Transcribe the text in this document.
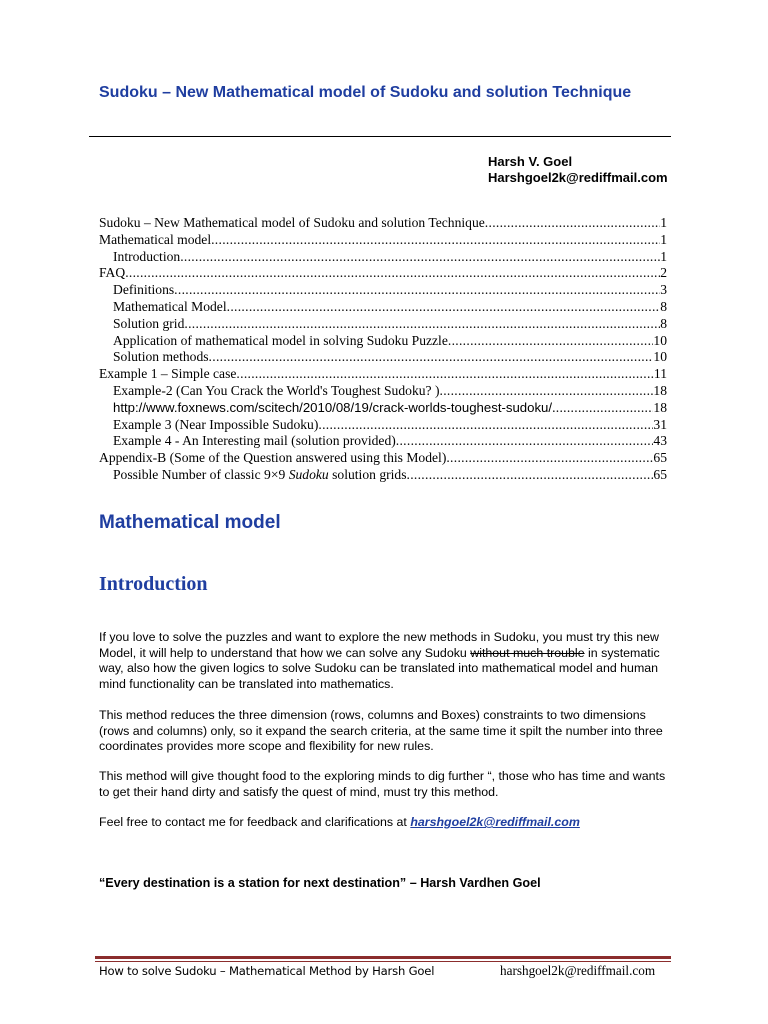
Sudoku – New Mathematical model of Sudoku and solution Technique
Harsh V. Goel
Harshgoel2k@rediffmail.com
Sudoku – New Mathematical model of Sudoku and solution Technique .....	1
Mathematical model .....	1
Introduction .....	1
FAQ .....	2
Definitions .....	3
Mathematical Model .....	8
Solution grid .....	8
Application of mathematical model in solving Sudoku Puzzle .....	10
Solution methods .....	10
Example 1 – Simple case .....	11
Example-2 (Can You Crack the World's Toughest Sudoku? ) .....	18
http://www.foxnews.com/scitech/2010/08/19/crack-worlds-toughest-sudoku/ .....	18
Example 3 (Near Impossible Sudoku) .....	31
Example 4 - An Interesting mail (solution provided) .....	43
Appendix-B (Some of the Question answered using this Model) .....	65
Possible Number of classic 9×9 Sudoku solution grids .....	65
Mathematical model
Introduction
If you love to solve the puzzles and want to explore the new methods in Sudoku, you must try this new Model, it will help to understand that how we can solve any Sudoku without much trouble in systematic way, also how the given logics to solve Sudoku can be translated into mathematical model and human mind functionality can be translated into mathematics.
This method reduces the three dimension (rows, columns and Boxes) constraints to two dimensions (rows and columns) only, so it expand the search criteria, at the same time it spilt the number into three coordinates provides more scope and flexibility for new rules.
This method will give thought food to the exploring minds to dig further “, those who has time and wants to get their hand dirty and satisfy the quest of mind, must try this method.
Feel free to contact me for feedback and clarifications at harshgoel2k@rediffmail.com
“Every destination is a station for next destination” – Harsh Vardhen Goel
How to solve Sudoku – Mathematical Method by Harsh Goel	harshgoel2k@rediffmail.com
